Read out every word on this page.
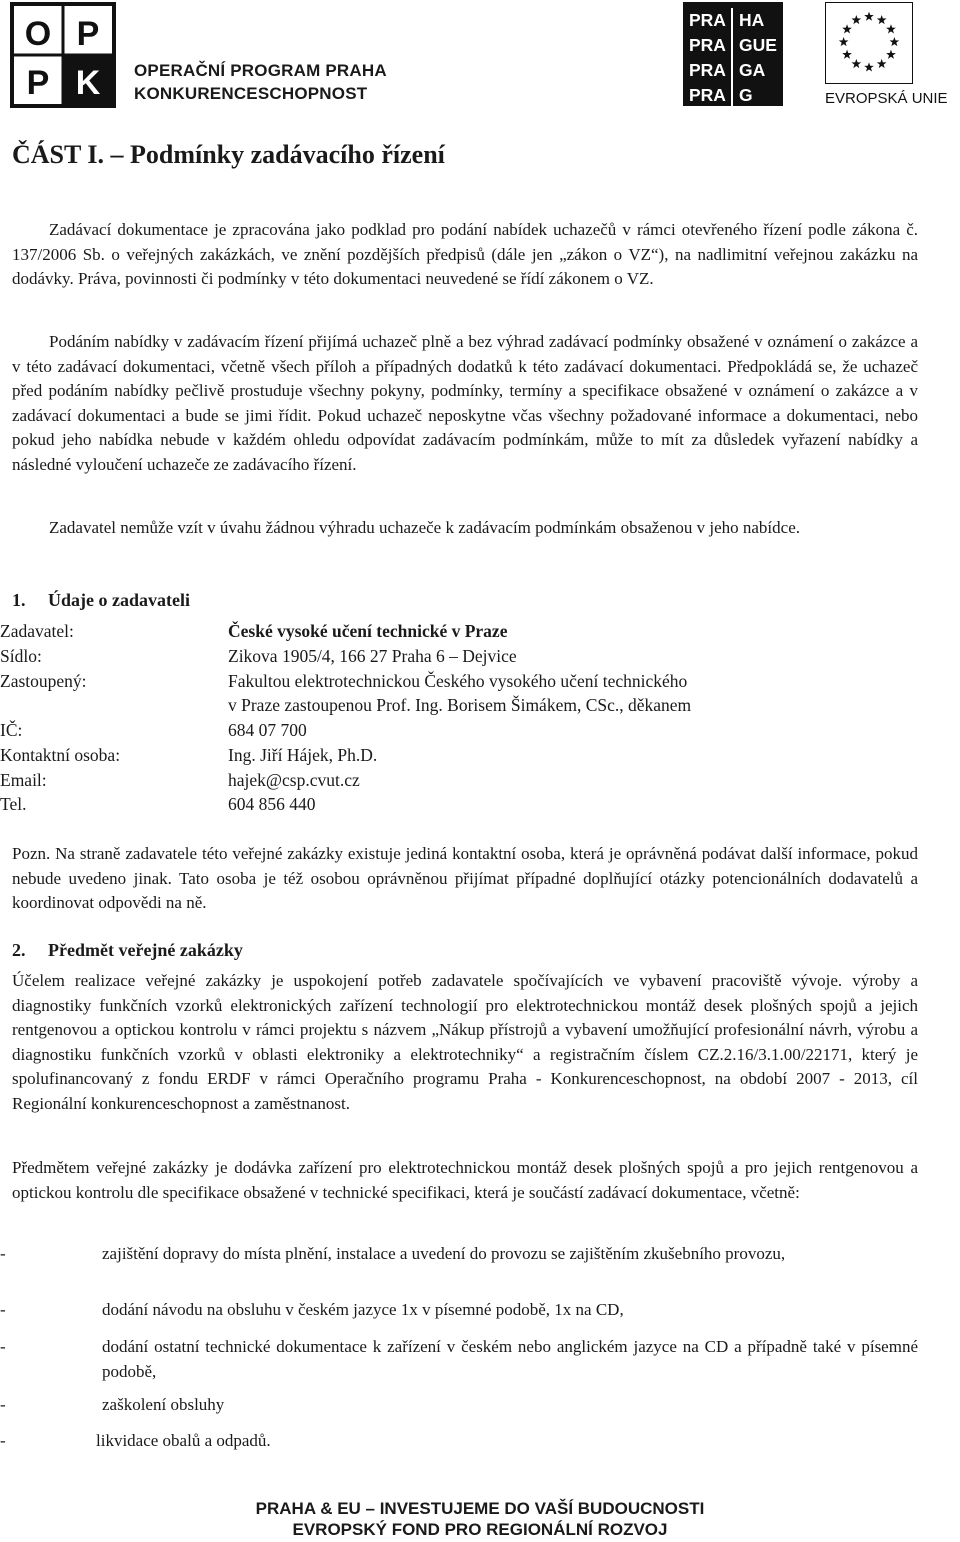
O P
P K OPERAČNÍ PROGRAM PRAHA
KONKURENCESCHOPNOST
PRA HA
PRA GUE
PRA GA
PRA G	EVROPSKÁ UNIE
ČÁST I. – Podmínky zadávacího řízení

Zadávací dokumentace je zpracována jako podklad pro podání nabídek uchazečů v rámci otevřeného řízení podle zákona č. 137/2006 Sb. o veřejných zakázkách, ve znění pozdějších předpisů (dále jen „zákon o VZ“), na nadlimitní veřejnou zakázku na dodávky. Práva, povinnosti či podmínky v této dokumentaci neuvedené se řídí zákonem o VZ.

Podáním nabídky v zadávacím řízení přijímá uchazeč plně a bez výhrad zadávací podmínky obsažené v oznámení o zakázce a v této zadávací dokumentaci, včetně všech příloh a případných dodatků k této zadávací dokumentaci. Předpokládá se, že uchazeč před podáním nabídky pečlivě prostuduje všechny pokyny, podmínky, termíny a specifikace obsažené v oznámení o zakázce a v zadávací dokumentaci a bude se jimi řídit. Pokud uchazeč neposkytne včas všechny požadované informace a dokumentaci, nebo pokud jeho nabídka nebude v každém ohledu odpovídat zadávacím podmínkám, může to mít za důsledek vyřazení nabídky a následné vyloučení uchazeče ze zadávacího řízení.

Zadavatel nemůže vzít v úvahu žádnou výhradu uchazeče k zadávacím podmínkám obsaženou v jeho nabídce.

1. Údaje o zadavateli
Zadavatel:	České vysoké učení technické v Praze
Sídlo:	Zikova 1905/4, 166 27 Praha 6 – Dejvice
Zastoupený:	Fakultou elektrotechnickou Českého vysokého učení technického
v Praze zastoupenou Prof. Ing. Borisem Šimákem, CSc., děkanem
IČ:	684 07 700
Kontaktní osoba:	Ing. Jiří Hájek, Ph.D.
Email:	hajek@csp.cvut.cz
Tel.	604 856 440

Pozn. Na straně zadavatele této veřejné zakázky existuje jediná kontaktní osoba, která je oprávněná podávat další informace, pokud nebude uvedeno jinak. Tato osoba je též osobou oprávněnou přijímat případné doplňující otázky potencionálních dodavatelů a koordinovat odpovědi na ně.

2. Předmět veřejné zakázky

Účelem realizace veřejné zakázky je uspokojení potřeb zadavatele spočívajících ve vybavení pracoviště vývoje. výroby a diagnostiky funkčních vzorků elektronických zařízení technologií pro elektrotechnickou montáž desek plošných spojů a jejich rentgenovou a optickou kontrolu v rámci projektu s názvem „Nákup přístrojů a vybavení umožňující profesionální návrh, výrobu a diagnostiku funkčních vzorků v oblasti elektroniky a elektrotechniky“ a registračním číslem CZ.2.16/3.1.00/22171, který je spolufinancovaný z fondu ERDF v rámci Operačního programu Praha - Konkurenceschopnost, na období 2007 - 2013, cíl Regionální konkurenceschopnost a zaměstnanost.

Předmětem veřejné zakázky je dodávka zařízení pro elektrotechnickou montáž desek plošných spojů a pro jejich rentgenovou a optickou kontrolu dle specifikace obsažené v technické specifikaci, která je součástí zadávací dokumentace, včetně:

-	zajištění dopravy do místa plnění, instalace a uvedení do provozu se zajištěním zkušebního provozu,
-	dodání návodu na obsluhu v českém jazyce 1x v písemné podobě, 1x na CD,
-	dodání ostatní technické dokumentace k zařízení v českém nebo anglickém jazyce na CD a případně také v písemné podobě,
-	zaškolení obsluhy
-	likvidace obalů a odpadů.
PRAHA & EU – INVESTUJEME DO VAŠÍ BUDOUCNOSTI
EVROPSKÝ FOND PRO REGIONÁLNÍ ROZVOJ
